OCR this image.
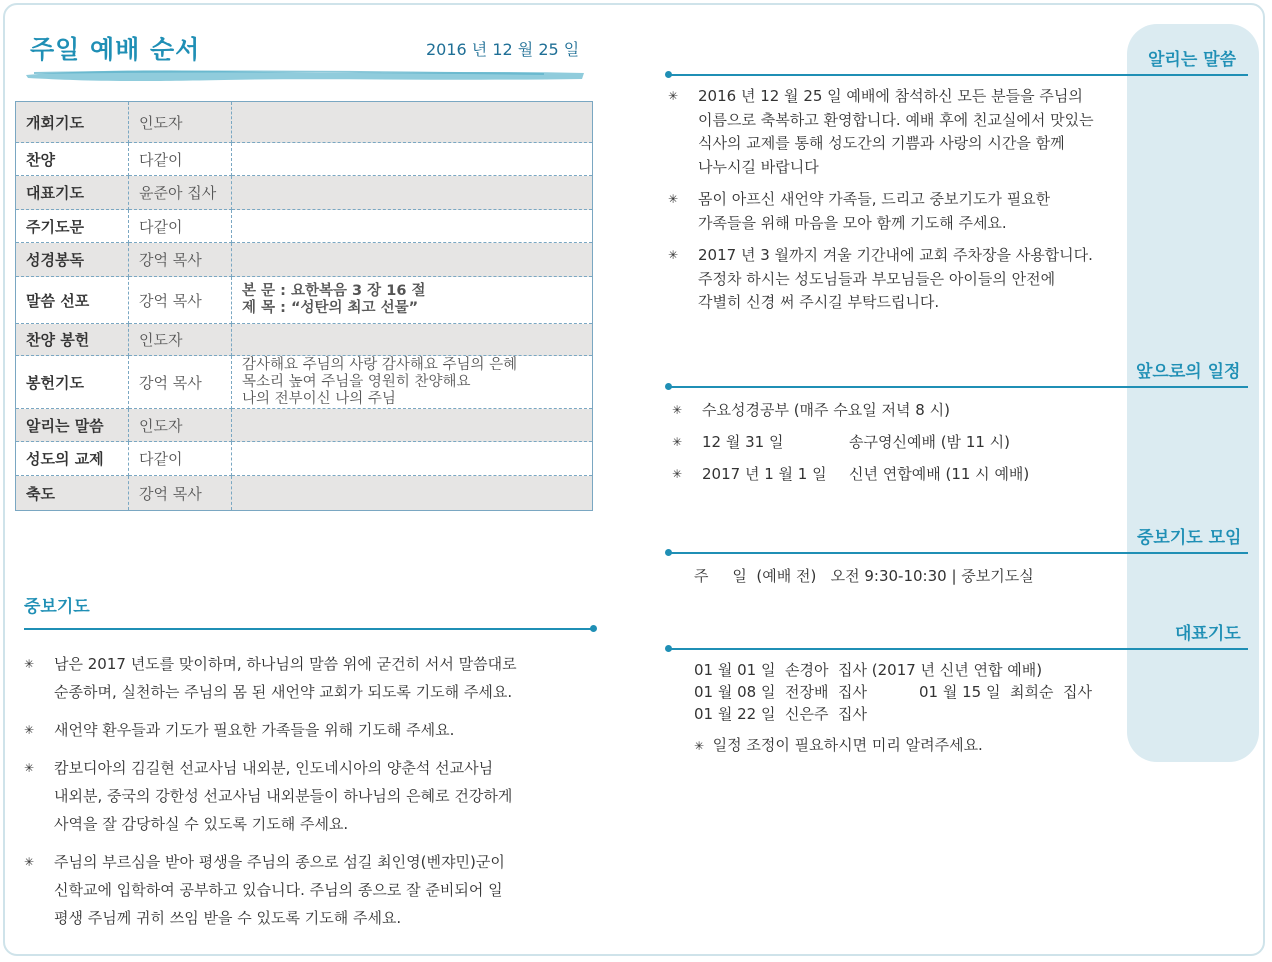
주일 예배 순서	2016 년 12 월 25 일
개회기도	인도자	
찬양	다같이	
대표기도	윤준아 집사	
주기도문	다같이	
성경봉독	강억 목사	
말씀 선포	강억 목사	본 문 : 요한복음 3 장 16 절
제 목 : “성탄의 최고 선물”

찬양 봉헌	인도자	
봉헌기도	강억 목사	감사해요 주님의 사랑 감사해요 주님의 은혜
목소리 높여 주님을 영원히 찬양해요
나의 전부이신 나의 주님

알리는 말씀	인도자	
성도의 교제	다같이	
축도	강억 목사	
중보기도
✳ 남은 2017 년도를 맞이하며, 하나님의 말씀 위에 굳건히 서서 말씀대로
순종하며, 실천하는 주님의 몸 된 새언약 교회가 되도록 기도해 주세요.
✳ 새언약 환우들과 기도가 필요한 가족들을 위해 기도해 주세요.
✳ 캄보디아의 김길현 선교사님 내외분, 인도네시아의 양춘석 선교사님
내외분, 중국의 강한성 선교사님 내외분들이 하나님의 은혜로 건강하게
사역을 잘 감당하실 수 있도록 기도해 주세요.
✳ 주님의 부르심을 받아 평생을 주님의 종으로 섬길 최인영(벤쟈민)군이
신학교에 입학하여 공부하고 있습니다. 주님의 종으로 잘 준비되어 일
평생 주님께 귀히 쓰임 받을 수 있도록 기도해 주세요.
알리는 말씀
✳ 2016 년 12 월 25 일 예배에 참석하신 모든 분들을 주님의
이름으로 축복하고 환영합니다. 예배 후에 친교실에서 맛있는
식사의 교제를 통해 성도간의 기쁨과 사랑의 시간을 함께
나누시길 바랍니다
✳ 몸이 아프신 새언약 가족들, 드리고 중보기도가 필요한
가족들을 위해 마음을 모아 함께 기도해 주세요.
✳ 2017 년 3 월까지 겨울 기간내에 교회 주차장을 사용합니다.
주정차 하시는 성도님들과 부모님들은 아이들의 안전에
각별히 신경 써 주시길 부탁드립니다.
앞으로의 일정
✳ 수요성경공부 (매주 수요일 저녁 8 시)
✳ 12 월 31 일	송구영신예배 (밤 11 시)
✳ 2017 년 1 월 1 일 신년 연합예배 (11 시 예배)
중보기도 모임
주     일  (예배 전)   오전 9:30-10:30 | 중보기도실
대표기도
01 월 01 일  손경아  집사 (2017 년 신년 연합 예배)
01 월 08 일  전장배  집사	01 월 15 일  최희순  집사
01 월 22 일  신은주  집사
✳  일정 조정이 필요하시면 미리 알려주세요.
